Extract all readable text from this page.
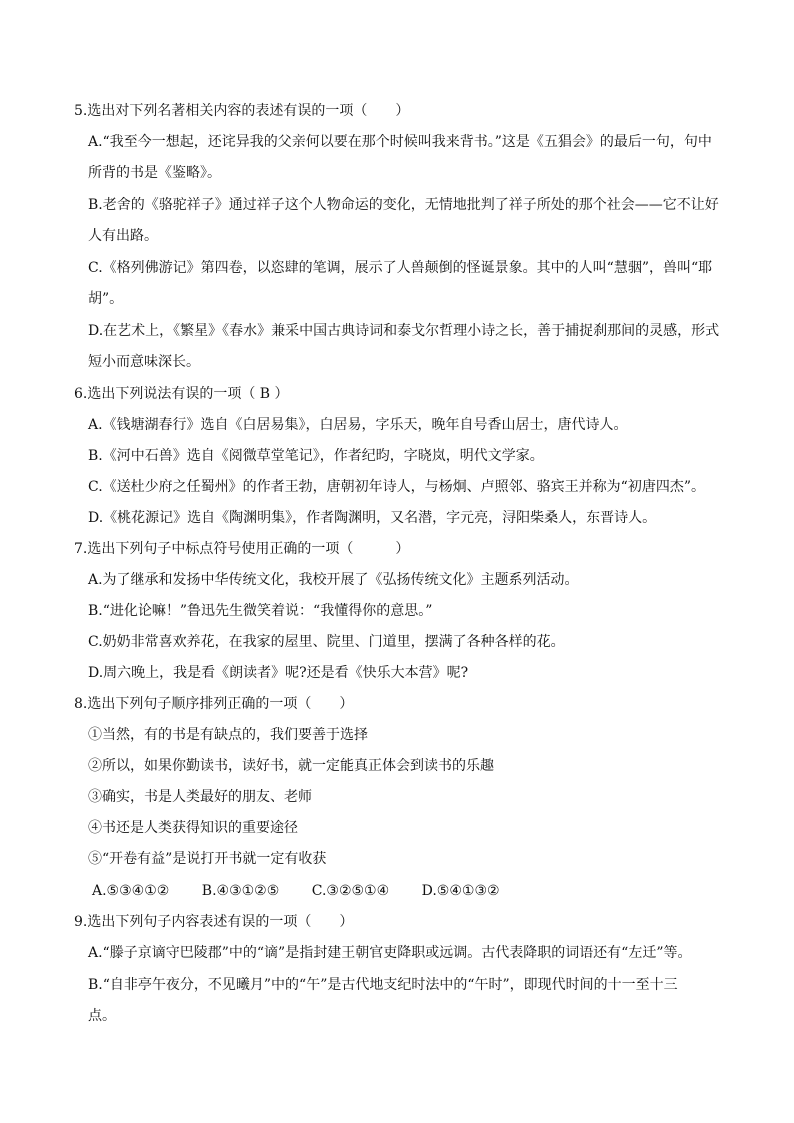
5.选出对下列名著相关内容的表述有误的一项（　　）
A.“我至今一想起，还诧异我的父亲何以要在那个时候叫我来背书。”这是《五猖会》的最后一句，句中
所背的书是《鉴略》。
B.老舍的《骆驼祥子》通过祥子这个人物命运的变化，无情地批判了祥子所处的那个社会——它不让好
人有出路。
C.《格列佛游记》第四卷，以恣肆的笔调，展示了人兽颠倒的怪诞景象。其中的人叫“慧骃”，兽叫“耶
胡”。
D.在艺术上，《繁星》《春水》兼采中国古典诗词和泰戈尔哲理小诗之长，善于捕捉刹那间的灵感，形式
短小而意味深长。
6.选出下列说法有误的一项（ B ）
A.《钱塘湖春行》选自《白居易集》，白居易，字乐天，晚年自号香山居士，唐代诗人。
B.《河中石兽》选自《阅微草堂笔记》，作者纪昀，字晓岚，明代文学家。
C.《送杜少府之任蜀州》的作者王勃，唐朝初年诗人，与杨炯、卢照邻、骆宾王并称为“初唐四杰”。
D.《桃花源记》选自《陶渊明集》，作者陶渊明，又名潜，字元亮，浔阳柴桑人，东晋诗人。
7.选出下列句子中标点符号使用正确的一项（　　　）
A.为了继承和发扬中华传统文化，我校开展了《弘扬传统文化》主题系列活动。
B.“进化论嘛！”鲁迅先生微笑着说：“我懂得你的意思。”
C.奶奶非常喜欢养花，在我家的屋里、院里、门道里，摆满了各种各样的花。
D.周六晚上，我是看《朗读者》呢?还是看《快乐大本营》呢?
8.选出下列句子顺序排列正确的一项（　　）
①当然，有的书是有缺点的，我们要善于选择
②所以，如果你勤读书，读好书，就一定能真正体会到读书的乐趣
③确实，书是人类最好的朋友、老师
④书还是人类获得知识的重要途径
⑤“开卷有益”是说打开书就一定有收获
A.⑤③④①② B.④③①②⑤ C.③②⑤①④ D.⑤④①③②
9.选出下列句子内容表述有误的一项（　　）
A.“滕子京谪守巴陵郡”中的“谪”是指封建王朝官吏降职或远调。古代表降职的词语还有“左迁”等。
B.“自非亭午夜分，不见曦月”中的“午”是古代地支纪时法中的“午时”，即现代时间的十一至十三
点。
